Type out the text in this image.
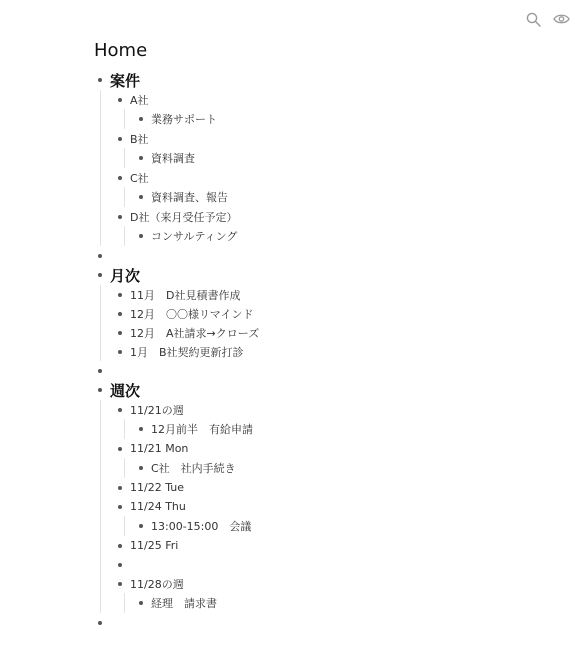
Home
案件
A社
業務サポート
B社
資料調査
C社
資料調査、報告
D社（来月受任予定）
コンサルティング
月次
11月　D社見積書作成
12月　〇〇様リマインド
12月　A社請求→クローズ
1月　B社契約更新打診
週次
11/21の週
12月前半　有給申請
11/21 Mon
C社　社内手続き
11/22 Tue
11/24 Thu
13:00-15:00　会議
11/25 Fri
11/28の週
経理　請求書
